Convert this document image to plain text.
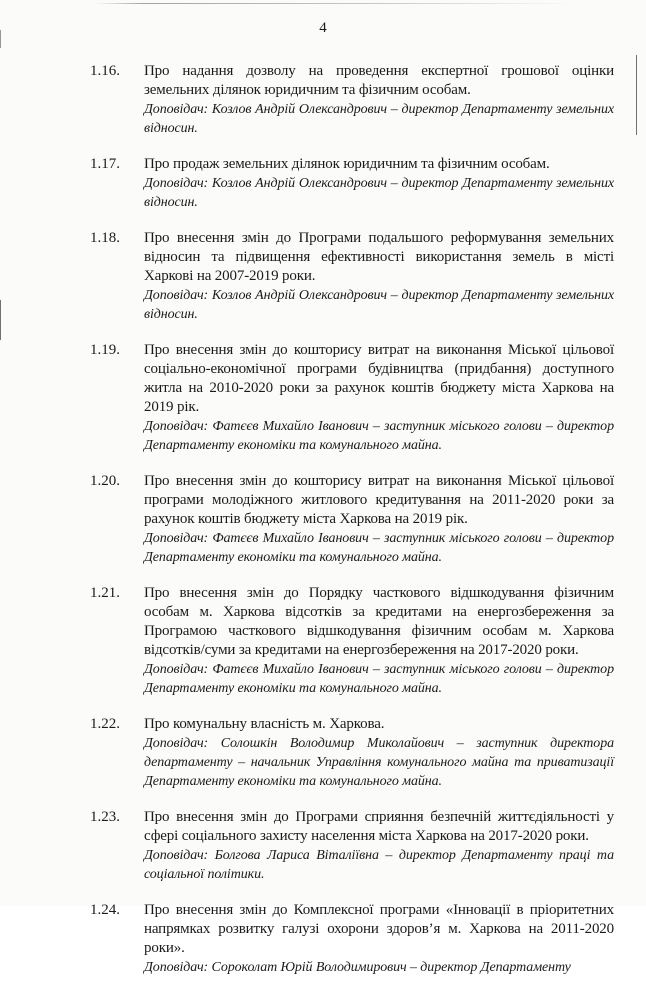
4
1.16. Про надання дозволу на проведення експертної грошової оцінки земельних ділянок юридичним та фізичним особам.
Доповідач: Козлов Андрій Олександрович – директор Департаменту земельних відносин.
1.17. Про продаж земельних ділянок юридичним та фізичним особам.
Доповідач: Козлов Андрій Олександрович – директор Департаменту земельних відносин.
1.18. Про внесення змін до Програми подальшого реформування земельних відносин та підвищення ефективності використання земель в місті Харкові на 2007-2019 роки.
Доповідач: Козлов Андрій Олександрович – директор Департаменту земельних відносин.
1.19. Про внесення змін до кошторису витрат на виконання Міської цільової соціально-економічної програми будівництва (придбання) доступного житла на 2010-2020 роки за рахунок коштів бюджету міста Харкова на 2019 рік.
Доповідач: Фатєєв Михайло Іванович – заступник міського голови – директор Департаменту економіки та комунального майна.
1.20. Про внесення змін до кошторису витрат на виконання Міської цільової програми молодіжного житлового кредитування на 2011-2020 роки за рахунок коштів бюджету міста Харкова на 2019 рік.
Доповідач: Фатєєв Михайло Іванович – заступник міського голови – директор Департаменту економіки та комунального майна.
1.21. Про внесення змін до Порядку часткового відшкодування фізичним особам м. Харкова відсотків за кредитами на енергозбереження за Програмою часткового відшкодування фізичним особам м. Харкова відсотків/суми за кредитами на енергозбереження на 2017-2020 роки.
Доповідач: Фатєєв Михайло Іванович – заступник міського голови – директор Департаменту економіки та комунального майна.
1.22. Про комунальну власність м. Харкова.
Доповідач: Солошкін Володимир Миколайович – заступник директора департаменту – начальник Управління комунального майна та приватизації Департаменту економіки та комунального майна.
1.23. Про внесення змін до Програми сприяння безпечній життєдіяльності у сфері соціального захисту населення міста Харкова на 2017-2020 роки.
Доповідач: Болгова Лариса Віталіївна – директор Департаменту праці та соціальної політики.
1.24. Про внесення змін до Комплексної програми «Інновації в пріоритетних напрямках розвитку галузі охорони здоров’я м. Харкова на 2011-2020 роки».
Доповідач: Сороколат Юрій Володимирович – директор Департаменту
